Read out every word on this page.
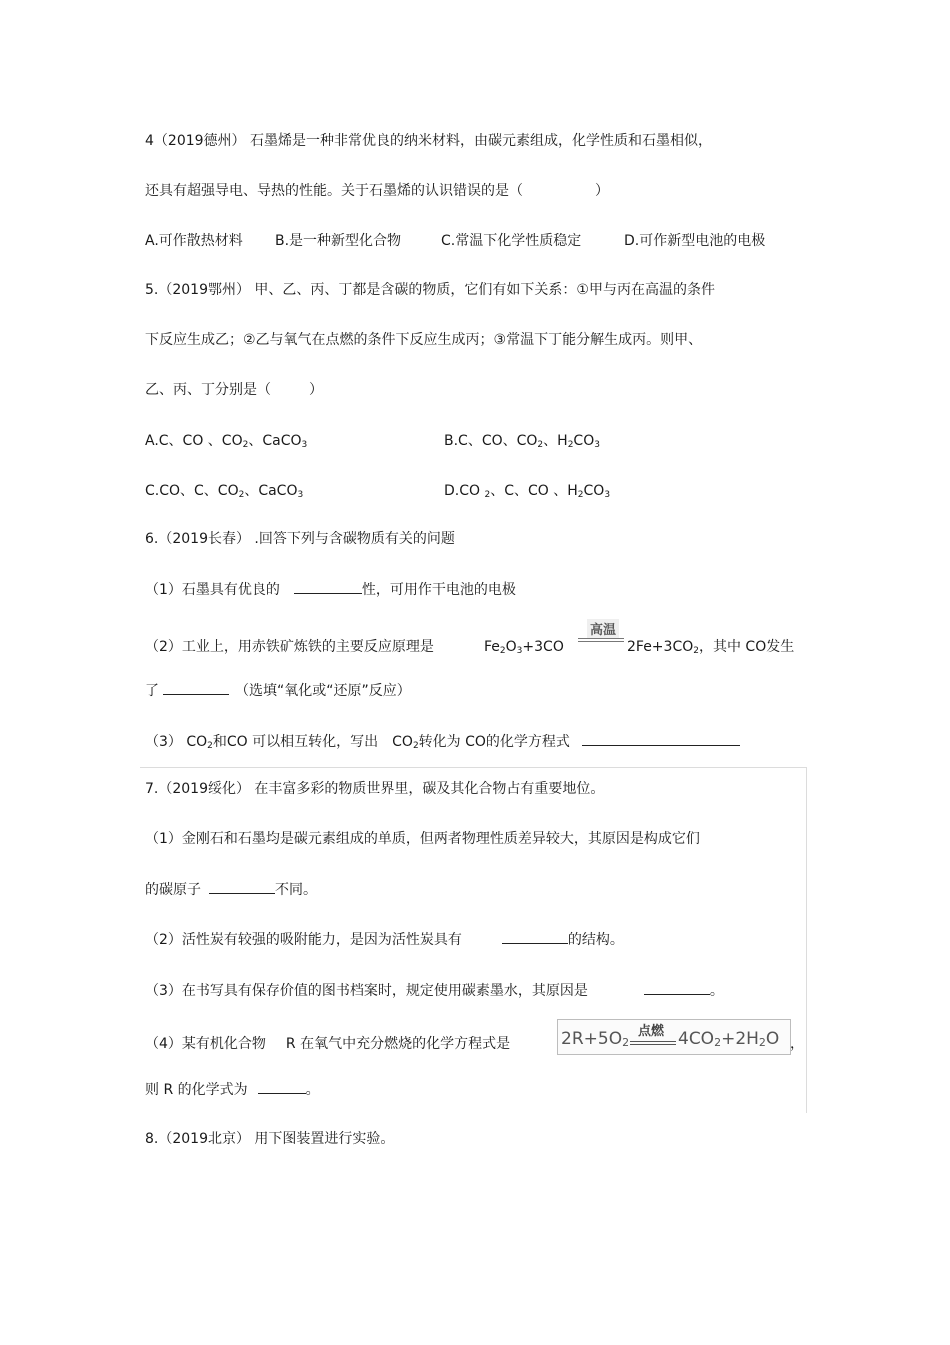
4（2019德州） 石墨烯是一种非常优良的纳米材料，由碳元素组成，化学性质和石墨相似，
还具有超强导电、导热的性能。关于石墨烯的认识错误的是（	）
A.可作散热材料 B.是一种新型化合物	C.常温下化学性质稳定	D.可作新型电池的电极
5.（2019鄂州） 甲、乙、丙、丁都是含碳的物质，它们有如下关系：①甲与丙在高温的条件
下反应生成乙；②乙与氧气在点燃的条件下反应生成丙；③常温下丁能分解生成丙。则甲、
乙、丙、丁分别是（	）
A.C、CO 、$CO_2$、CaCO$_3$	B.C、CO、$CO_2$、$H_2CO_3$
C.CO、C、$CO_2$、CaCO$_3$	D.CO $_2$、C、CO 、$H_2CO_3$
6.（2019长春） .回答下列与含碳物质有关的问题
（1）石墨具有优良的	性，可用作干电池的电极
（2）工业上，用赤铁矿炼铁的主要反应原理是	$Fe_2O_3+3CO$
高温
$2Fe+3CO_2$，其中 CO发生
了	（选填“氧化或“还原”反应）
（3） $CO_2$和CO 可以相互转化，写出 $CO_2$转化为 CO的化学方程式
7.（2019绥化） 在丰富多彩的物质世界里，碳及其化合物占有重要地位。
（1）金刚石和石墨均是碳元素组成的单质，但两者物理性质差异较大，其原因是构成它们
的碳原子	不同。
（2）活性炭有较强的吸附能力，是因为活性炭具有	的结构。
（3）在书写具有保存价值的图书档案时，规定使用碳素墨水，其原因是	。
（4）某有机化合物 R 在氧气中充分燃烧的化学方程式是	$2R+5O_2$
点燃 $4CO_2+2H_2O$ ，
则 R 的化学式为	。
8.（2019北京） 用下图装置进行实验。
